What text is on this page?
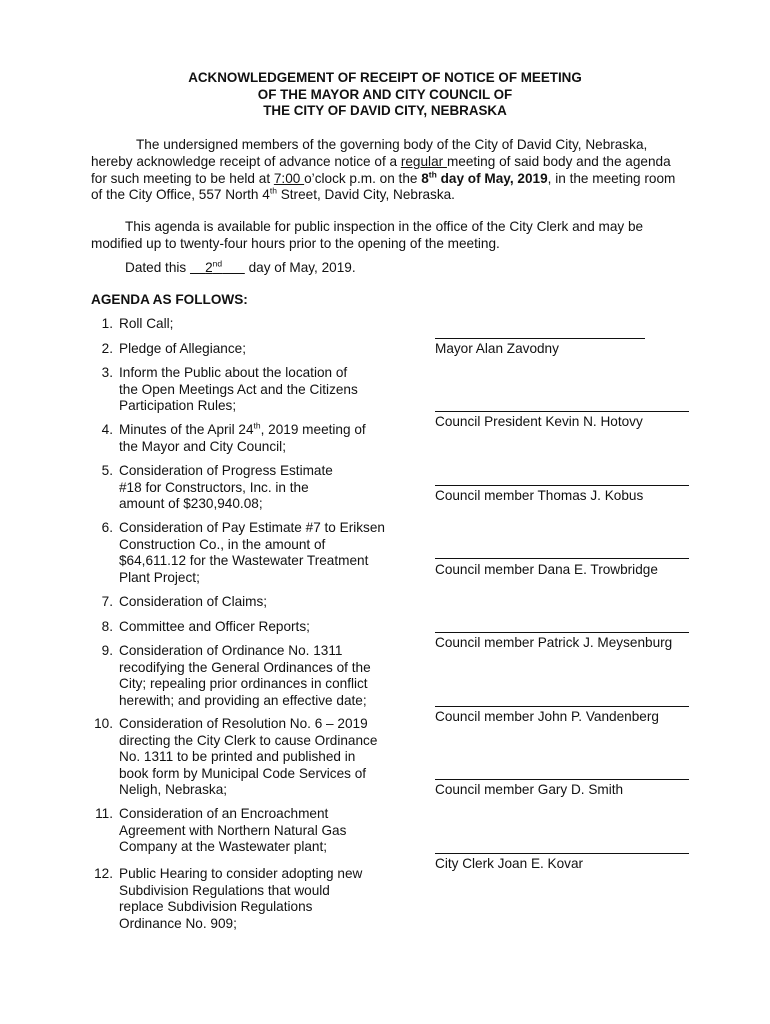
ACKNOWLEDGEMENT OF RECEIPT OF NOTICE OF MEETING
OF THE MAYOR AND CITY COUNCIL OF
THE CITY OF DAVID CITY, NEBRASKA
The undersigned members of the governing body of the City of David City, Nebraska, hereby acknowledge receipt of advance notice of a regular meeting of said body and the agenda for such meeting to be held at 7:00 o’clock p.m. on the 8th day of May, 2019, in the meeting room of the City Office, 557 North 4th Street, David City, Nebraska.
This agenda is available for public inspection in the office of the City Clerk and may be modified up to twenty-four hours prior to the opening of the meeting.
Dated this     2nd       day of May, 2019.
AGENDA AS FOLLOWS:
1. Roll Call;
2. Pledge of Allegiance;
3. Inform the Public about the location of the Open Meetings Act and the Citizens Participation Rules;
4. Minutes of the April 24th, 2019 meeting of the Mayor and City Council;
5. Consideration of Progress Estimate #18 for Constructors, Inc. in the amount of $230,940.08;
6. Consideration of Pay Estimate #7 to Eriksen Construction Co., in the amount of $64,611.12 for the Wastewater Treatment Plant Project;
7. Consideration of Claims;
8. Committee and Officer Reports;
9. Consideration of Ordinance No. 1311 recodifying the General Ordinances of the City; repealing prior ordinances in conflict herewith; and providing an effective date;
10. Consideration of Resolution No. 6 – 2019 directing the City Clerk to cause Ordinance No. 1311 to be printed and published in book form by Municipal Code Services of Neligh, Nebraska;
11. Consideration of an Encroachment Agreement with Northern Natural Gas Company at the Wastewater plant;
12. Public Hearing to consider adopting new Subdivision Regulations that would replace Subdivision Regulations Ordinance No. 909;
Mayor Alan Zavodny
Council President Kevin N. Hotovy
Council member Thomas J. Kobus
Council member Dana E. Trowbridge
Council member Patrick J. Meysenburg
Council member John P. Vandenberg
Council member Gary D. Smith
City Clerk Joan E. Kovar
